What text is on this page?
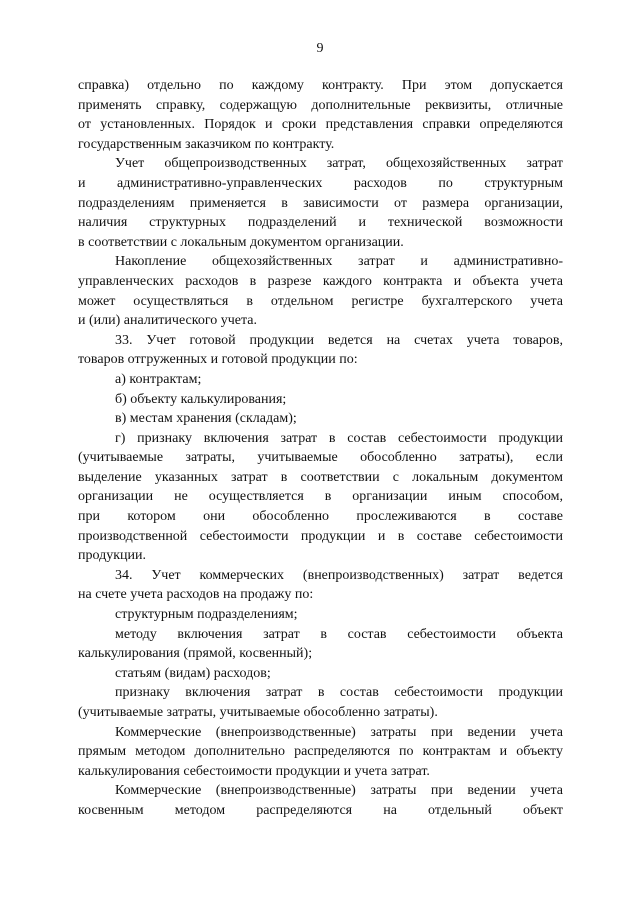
9
справка) отдельно по каждому контракту. При этом допускается
применять справку, содержащую дополнительные реквизиты, отличные
от установленных. Порядок и сроки представления справки определяются
государственным заказчиком по контракту.
Учет общепроизводственных затрат, общехозяйственных затрат
и административно-управленческих расходов по структурным
подразделениям применяется в зависимости от размера организации,
наличия структурных подразделений и технической возможности
в соответствии с локальным документом организации.
Накопление общехозяйственных затрат и административно-
управленческих расходов в разрезе каждого контракта и объекта учета
может осуществляться в отдельном регистре бухгалтерского учета
и (или) аналитического учета.
33. Учет готовой продукции ведется на счетах учета товаров,
товаров отгруженных и готовой продукции по:
а) контрактам;
б) объекту калькулирования;
в) местам хранения (складам);
г) признаку включения затрат в состав себестоимости продукции
(учитываемые затраты, учитываемые обособленно затраты), если
выделение указанных затрат в соответствии с локальным документом
организации не осуществляется в организации иным способом,
при котором они обособленно прослеживаются в составе
производственной себестоимости продукции и в составе себестоимости
продукции.
34. Учет коммерческих (внепроизводственных) затрат ведется
на счете учета расходов на продажу по:
структурным подразделениям;
методу включения затрат в состав себестоимости объекта
калькулирования (прямой, косвенный);
статьям (видам) расходов;
признаку включения затрат в состав себестоимости продукции
(учитываемые затраты, учитываемые обособленно затраты).
Коммерческие (внепроизводственные) затраты при ведении учета
прямым методом дополнительно распределяются по контрактам и объекту
калькулирования себестоимости продукции и учета затрат.
Коммерческие (внепроизводственные) затраты при ведении учета
косвенным методом распределяются на отдельный объект
